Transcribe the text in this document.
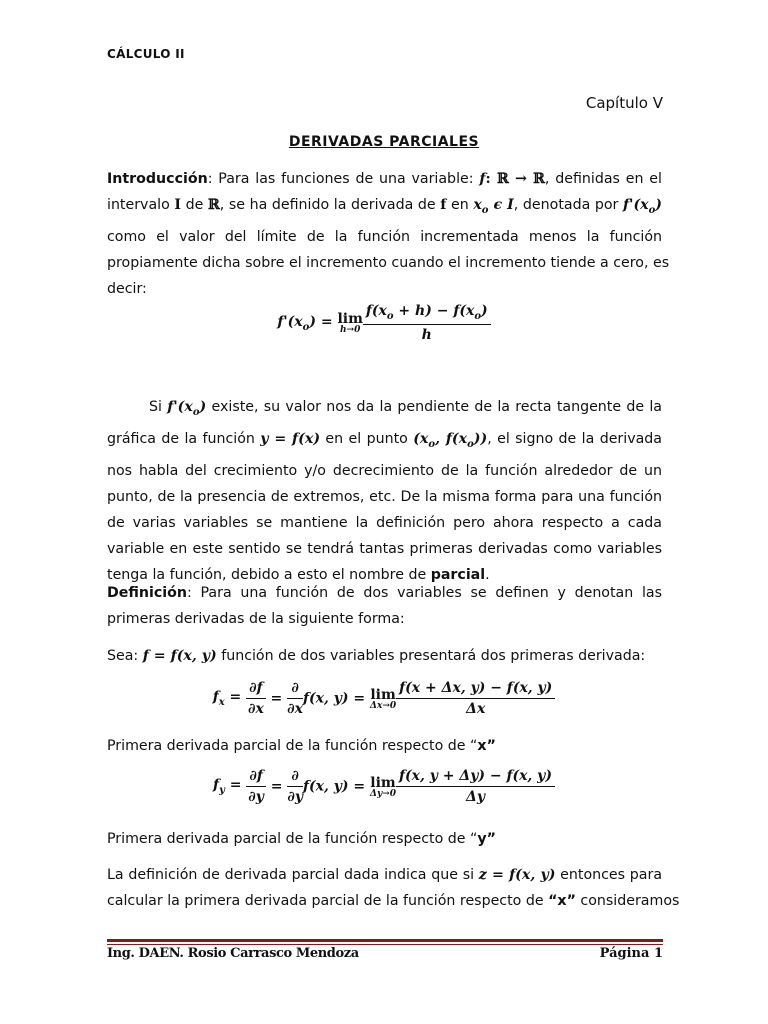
CÁLCULO II
Capítulo V
DERIVADAS PARCIALES
Introducción: Para las funciones de una variable: f: ℝ → ℝ, definidas en el
intervalo I de ℝ, se ha definido la derivada de f en $x_o$ ϵ I, denotada por $f'(x_o)$
como el valor del límite de la función incrementada menos la función
propiamente dicha sobre el incremento cuando el incremento tiende a cero, es
decir:
$f'(x_o) = \lim$
$h\to 0 \frac{f(x_o + h) - f(x_o)}{h}$
Si $f'(x_o)$ existe, su valor nos da la pendiente de la recta tangente de la
gráfica de la función y = f(x) en el punto ($x_o$, $f(x_o)$), el signo de la derivada
nos habla del crecimiento y/o decrecimiento de la función alrededor de un
punto, de la presencia de extremos, etc. De la misma forma para una función
de varias variables se mantiene la definición pero ahora respecto a cada
variable en este sentido se tendrá tantas primeras derivadas como variables
tenga la función, debido a esto el nombre de parcial.
Definición: Para una función de dos variables se definen y denotan las
primeras derivadas de la siguiente forma:
Sea: f = f(x, y) función de dos variables presentará dos primeras derivada:
$f_x = \frac{\partial f}{\partial x} = \frac{\partial}{\partial x} f(x$, y) = lim
$\Delta x\to 0 \frac{f(x + \Delta x, y) - f(x, y)}{\Delta x}$
Primera derivada parcial de la función respecto de “x”
$f_y = \frac{\partial f}{\partial y} = \frac{\partial}{\partial y} f(x$, y) = lim
$\Delta y\to 0 \frac{f(x, y + \Delta y) - f(x, y)}{\Delta y}$
Primera derivada parcial de la función respecto de “y”
La definición de derivada parcial dada indica que si z = f(x, y) entonces para
calcular la primera derivada parcial de la función respecto de “x” consideramos
Ing. DAEN. Rosio Carrasco Mendoza	Página 1
